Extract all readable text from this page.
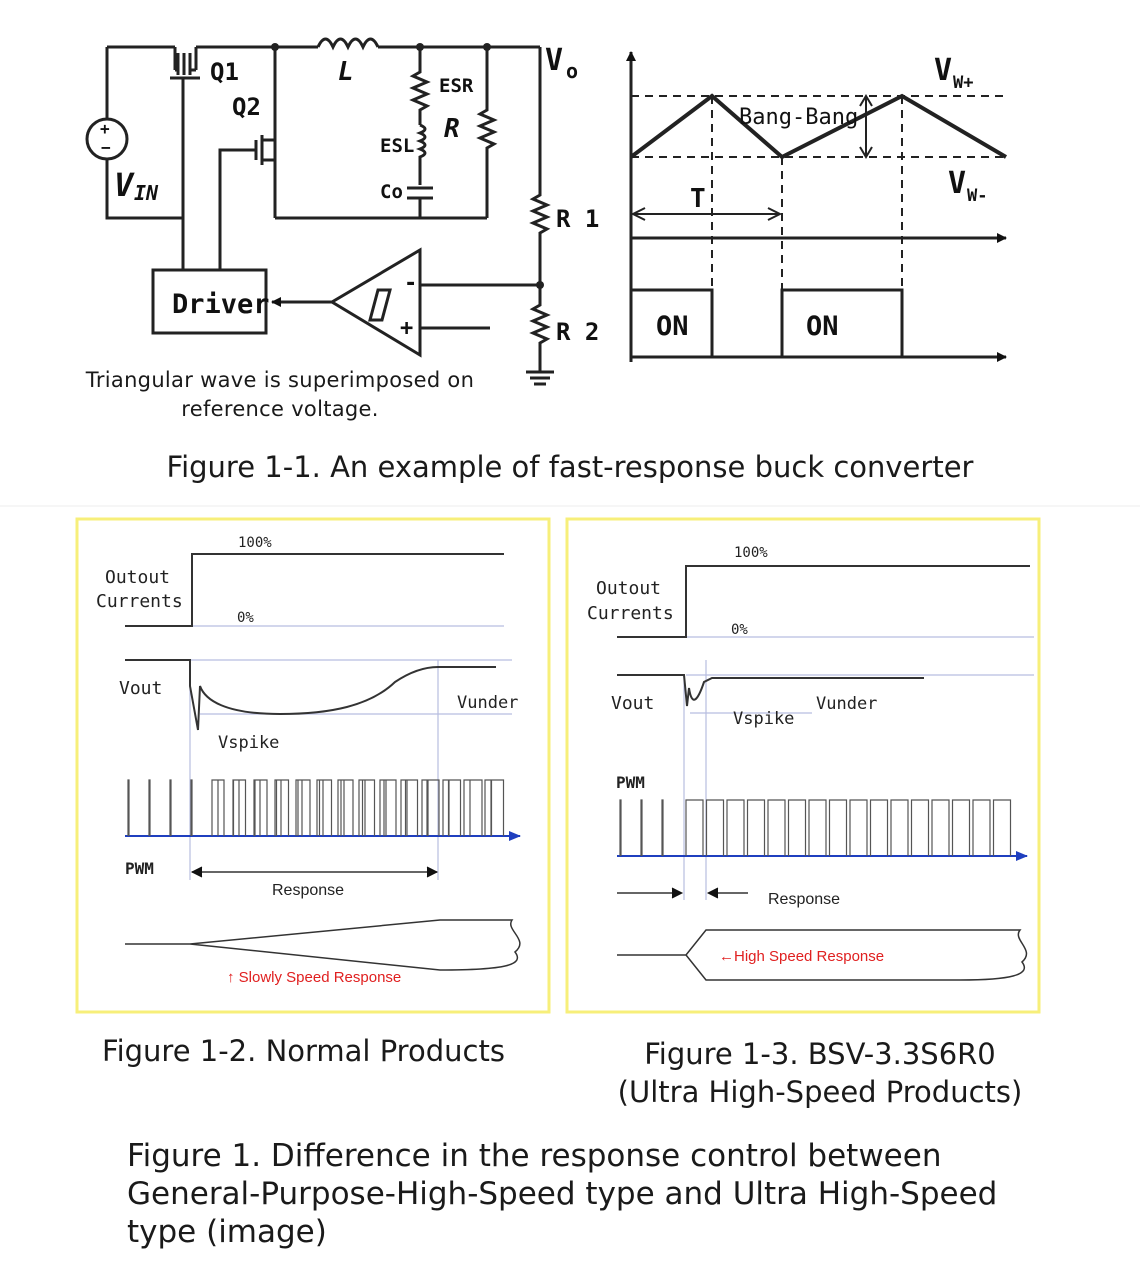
+
−
V IN
Q1
Q2
L	ESR
ESL
Co
R
V o
R 1
R 2
Driver
-
+
V W+
V W-
Bang-Bang
T
ON	ON
Outout
Currents
100%
0%
Vout
Vunder
Vspike
PWM
Response
↑ Slowly Speed Response
Outout
Currents
100%
0%
Vout	Vunder
Vspike
PWM
Response
←High Speed Response
Triangular wave is superimposed on
reference voltage.
Figure 1-1. An example of fast-response buck converter
Figure 1-2. Normal Products	Figure 1-3. BSV-3.3S6R0
(Ultra High-Speed Products)
Figure 1. Difference in the response control between
General-Purpose-High-Speed type and Ultra High-Speed
type (image)
